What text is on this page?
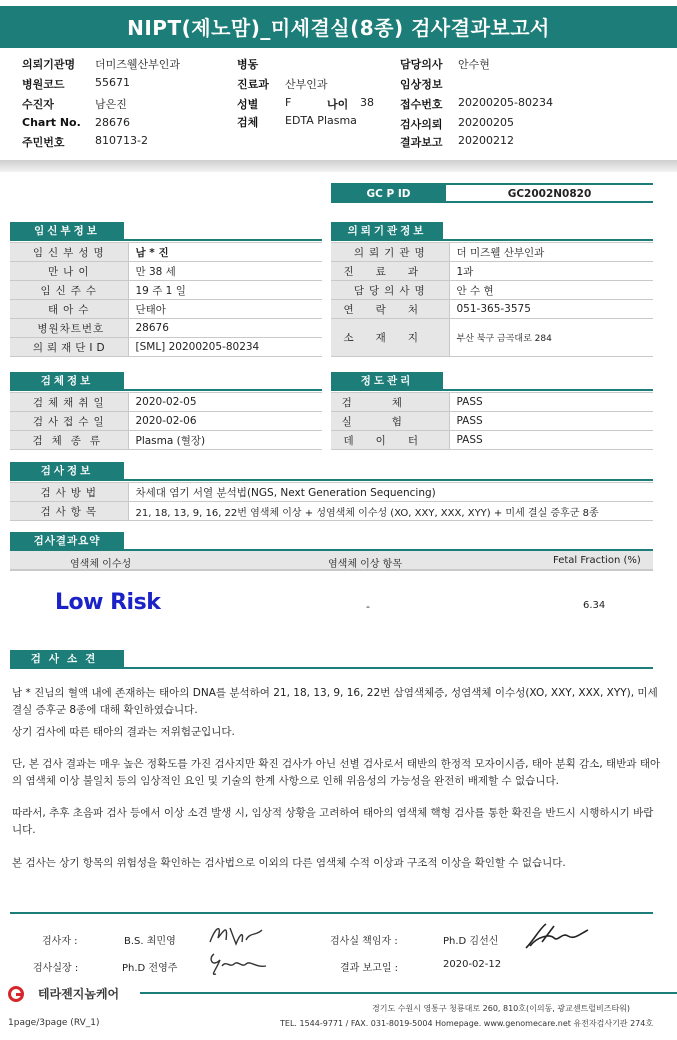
NIPT(제노맘)_미세결실(8종) 검사결과보고서
의뢰기관명 더미즈웰산부인과
병원코드	55671
수진자	남은진
Chart No. 28676
주민번호	810713-2
병동
진료과 산부인과
성별 F	나이 38
검체 EDTA Plasma
담당의사 안수현
임상정보
접수번호 20200205-80234
검사의뢰 20200205
결과보고 20200212
GC P ID	GC2002N0820
임신부정보
임신부성명	남 * 진
만나이	만 38 세
임신주수	19 주 1 일
태아수	단태아
병원차트번호	28676
의뢰재단ID	[SML] 20200205-80234
의뢰기관정보
의뢰기관명	더 미즈웰 산부인과
진료과	1과
담당의사명	안 수 현
연락처	051-365-3575
소재지	부산 북구 금곡대로 284
검체정보
검체채취일	2020-02-05
검사접수일	2020-02-06
검체종류	Plasma (혈장)
정도관리
검체	PASS
실험	PASS
데이터	PASS
검사정보
검사방법	차세대 염기 서열 분석법(NGS, Next Generation Sequencing)
검사항목	21, 18, 13, 9, 16, 22번 염색체 이상 + 성염색체 이수성 (XO, XXY, XXX, XYY) + 미세 결실 증후군 8종
검사결과요약
염색체 이수성	염색체 이상 항목	Fetal Fraction (%)
Low Risk	-	6.34
검사소견
남 * 진님의 혈액 내에 존재하는 태아의 DNA를 분석하여 21, 18, 13, 9, 16, 22번 삼염색체증, 성염색체 이수성(XO, XXY, XXX, XYY), 미세 결실 증후군 8종에 대해 확인하였습니다.
상기 검사에 따른 태아의 결과는 저위험군입니다.
단, 본 검사 결과는 매우 높은 정확도를 가진 검사지만 확진 검사가 아닌 선별 검사로서 태반의 한정적 모자이시즘, 태아 분획 감소, 태반과 태아의 염색체 이상 불일치 등의 임상적인 요인 및 기술의 한계 사항으로 인해 위음성의 가능성을 완전히 배제할 수 없습니다.
따라서, 추후 초음파 검사 등에서 이상 소견 발생 시, 임상적 상황을 고려하여 태아의 염색체 핵형 검사를 통한 확진을 반드시 시행하시기 바랍니다.
본 검사는 상기 항목의 위험성을 확인하는 검사법으로 이외의 다른 염색체 수적 이상과 구조적 이상을 확인할 수 없습니다.
검사자 :	B.S. 최민영
검사실장 :	Ph.D 전영주
검사실 책임자 :	Ph.D 김선신
결과 보고일 :	2020-02-12
테라젠지놈케어
1page/3page (RV_1)
경기도 수원시 영통구 청룡대로 260, 810호(이의동, 광교센트럴비즈타워)
TEL. 1544-9771 / FAX. 031-8019-5004 Homepage. www.genomecare.net 유전자검사기관 274호
